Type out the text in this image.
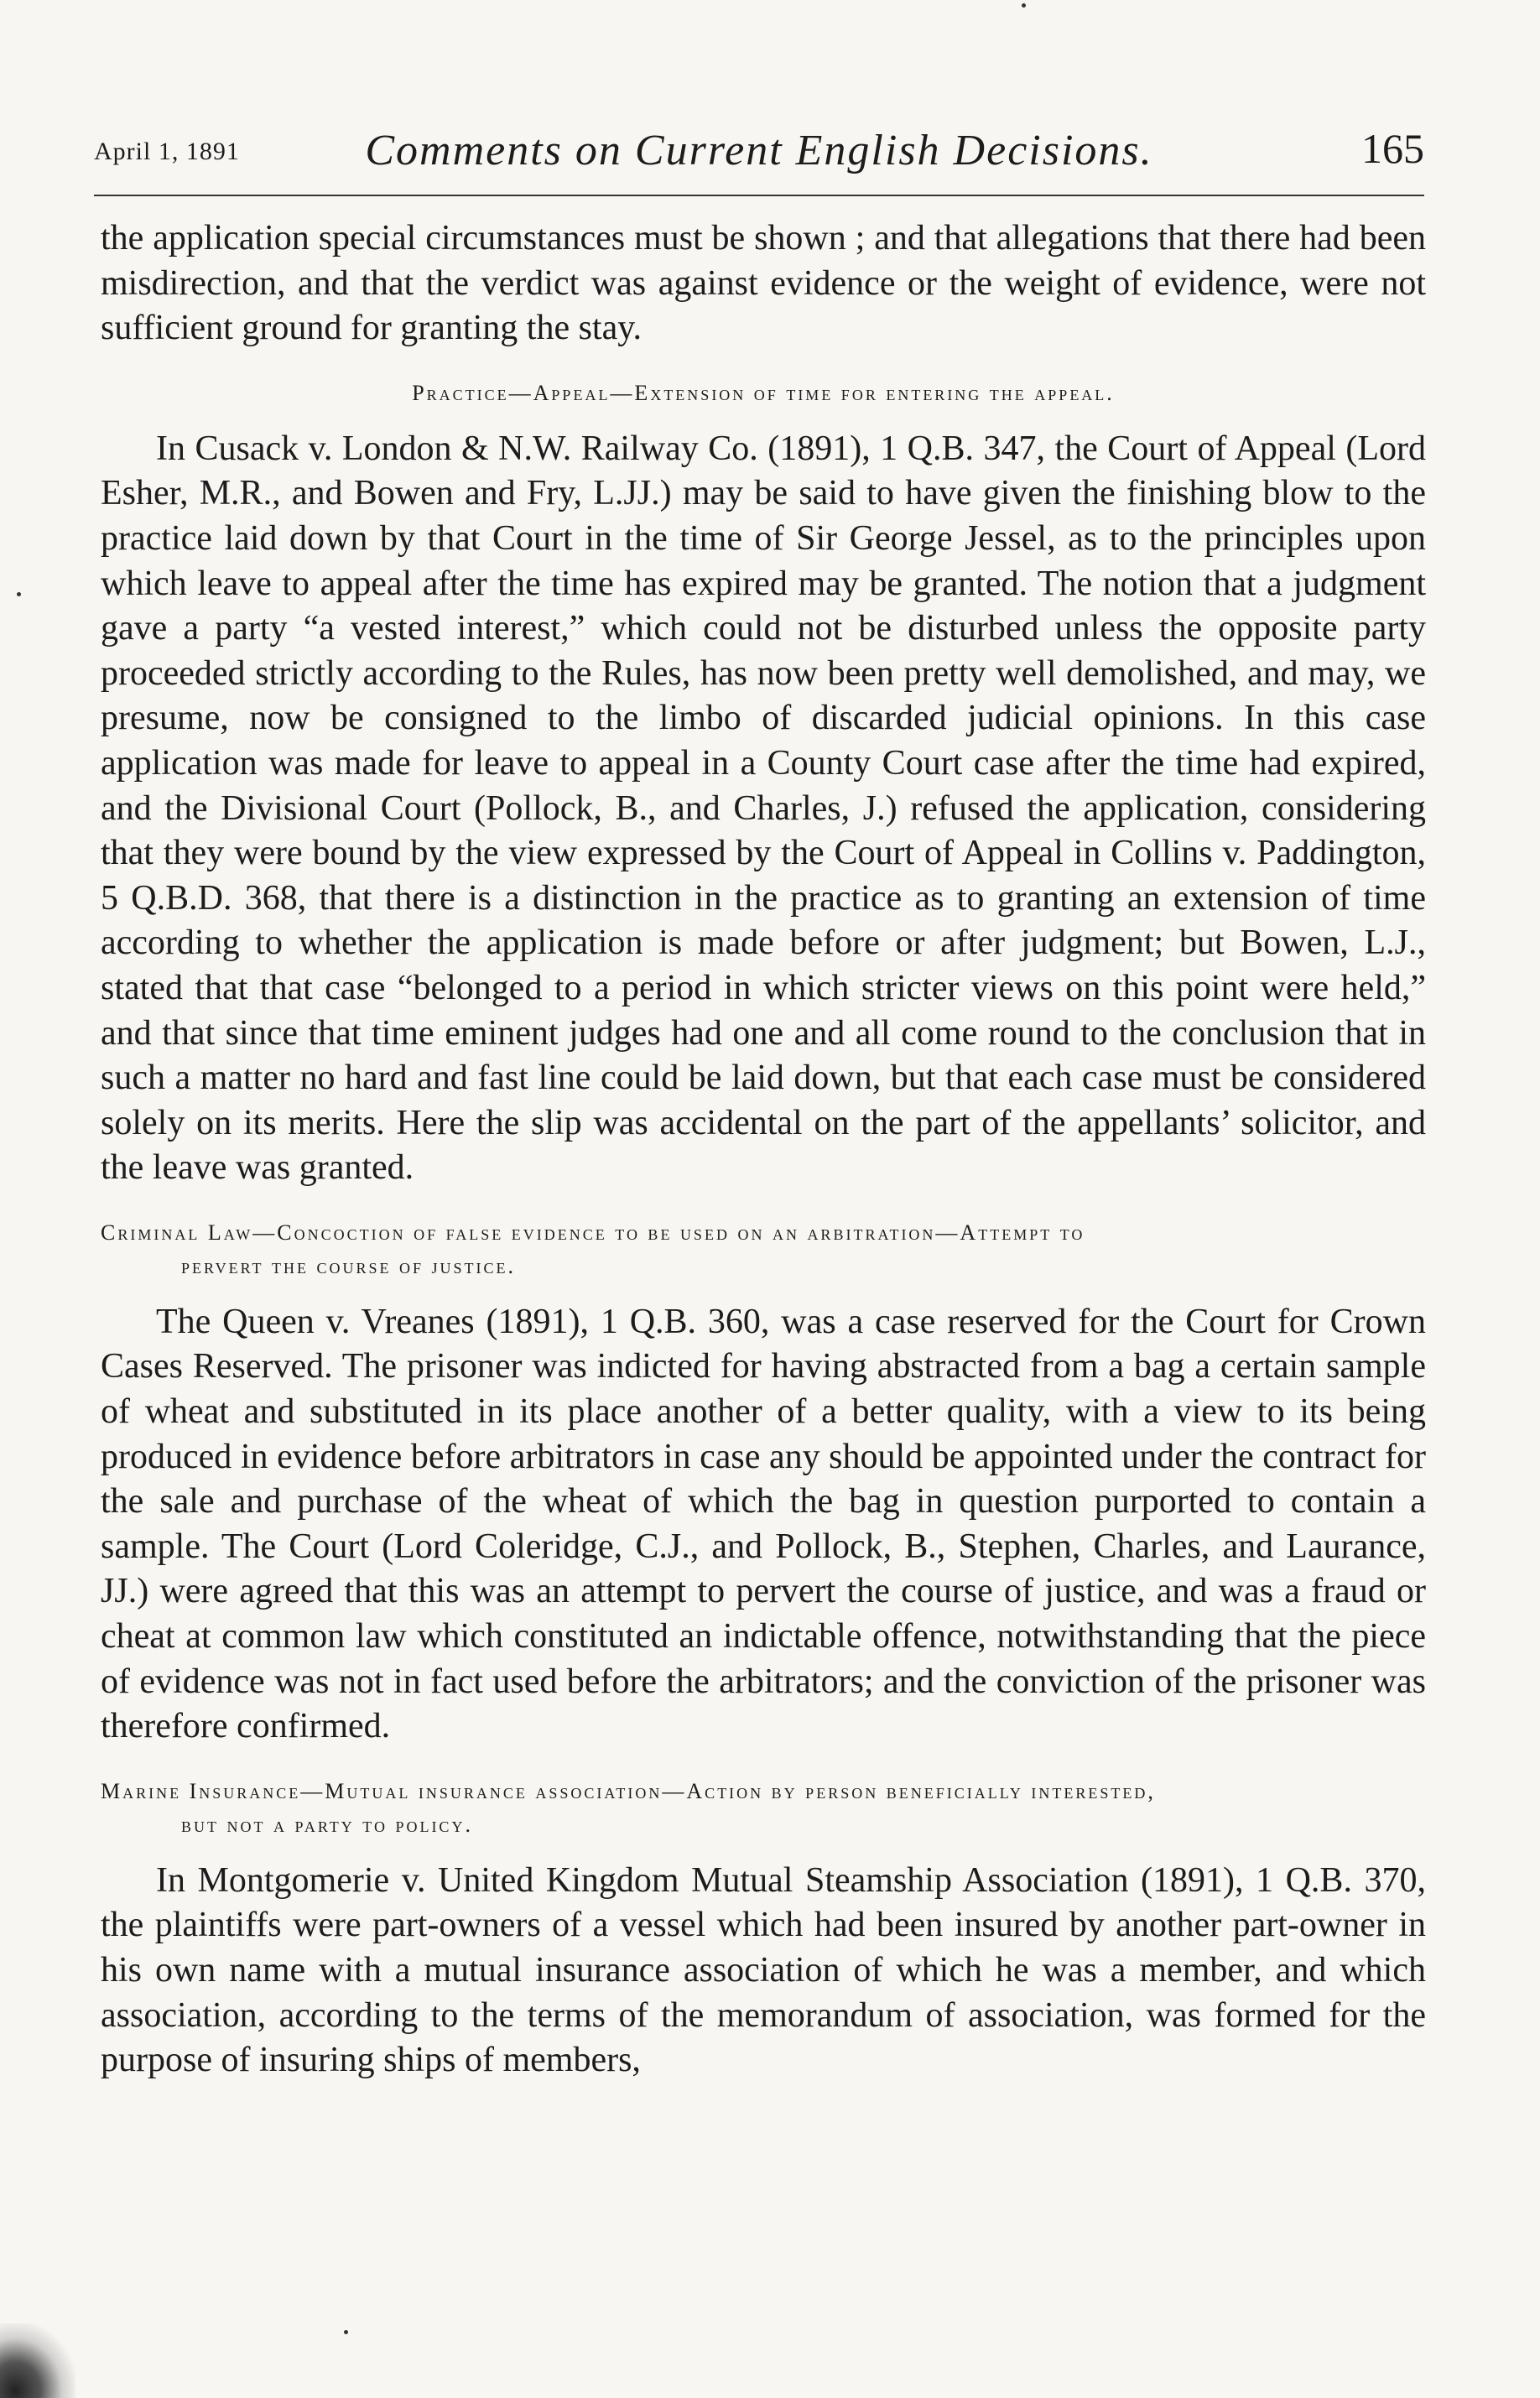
April 1, 1891	Comments on Current English Decisions.	165

the application special circumstances must be shown ; and that allegations that there had been misdirection, and that the verdict was against evidence or the weight of evidence, were not sufficient ground for granting the stay.

Practice—Appeal—Extension of time for entering the appeal.

In Cusack v. London & N.W. Railway Co. (1891), 1 Q.B. 347, the Court of Appeal (Lord Esher, M.R., and Bowen and Fry, L.JJ.) may be said to have given the finishing blow to the practice laid down by that Court in the time of Sir George Jessel, as to the principles upon which leave to appeal after the time has expired may be granted. The notion that a judgment gave a party “a vested interest,” which could not be disturbed unless the opposite party proceeded strictly according to the Rules, has now been pretty well demolished, and may, we presume, now be consigned to the limbo of discarded judicial opinions. In this case application was made for leave to appeal in a County Court case after the time had expired, and the Divisional Court (Pollock, B., and Charles, J.) refused the application, considering that they were bound by the view expressed by the Court of Appeal in Collins v. Paddington, 5 Q.B.D. 368, that there is a distinction in the practice as to granting an extension of time according to whether the application is made before or after judgment; but Bowen, L.J., stated that that case “belonged to a period in which stricter views on this point were held,” and that since that time eminent judges had one and all come round to the conclusion that in such a matter no hard and fast line could be laid down, but that each case must be considered solely on its merits. Here the slip was accidental on the part of the appellants’ solicitor, and the leave was granted.

Criminal Law—Concoction of false evidence to be used on an arbitration—Attempt to
pervert the course of justice.

The Queen v. Vreanes (1891), 1 Q.B. 360, was a case reserved for the Court for Crown Cases Reserved. The prisoner was indicted for having abstracted from a bag a certain sample of wheat and substituted in its place another of a better quality, with a view to its being produced in evidence before arbitrators in case any should be appointed under the contract for the sale and purchase of the wheat of which the bag in question purported to contain a sample. The Court (Lord Coleridge, C.J., and Pollock, B., Stephen, Charles, and Laurance, JJ.) were agreed that this was an attempt to pervert the course of justice, and was a fraud or cheat at common law which constituted an indictable offence, notwithstanding that the piece of evidence was not in fact used before the arbitrators; and the conviction of the prisoner was therefore confirmed.

Marine Insurance—Mutual insurance association—Action by person beneficially interested,
but not a party to policy.

In Montgomerie v. United Kingdom Mutual Steamship Association (1891), 1 Q.B. 370, the plaintiffs were part-owners of a vessel which had been insured by another part-owner in his own name with a mutual insurance association of which he was a member, and which association, according to the terms of the memorandum of association, was formed for the purpose of insuring ships of members,
